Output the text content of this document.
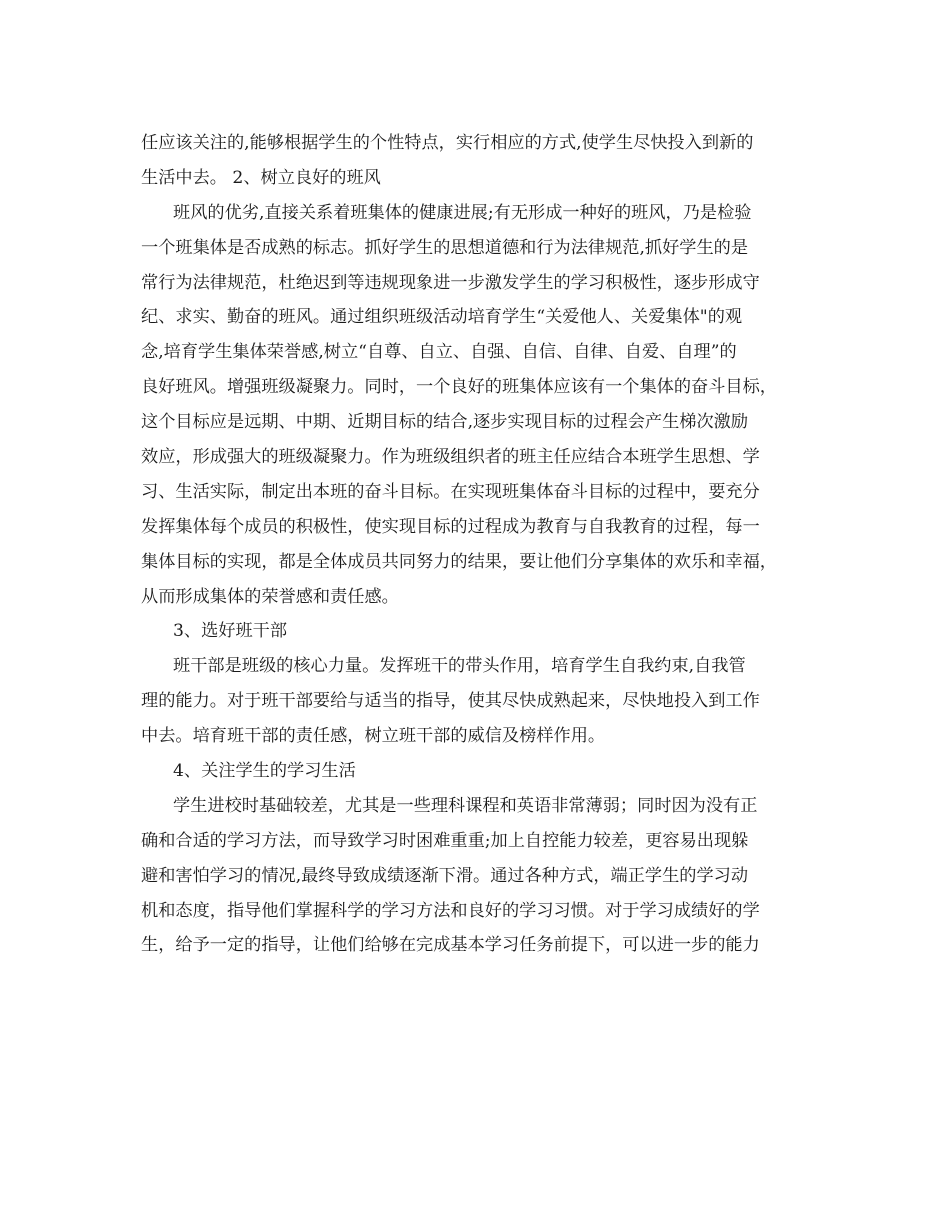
任应该关注的,能够根据学生的个性特点，实行相应的方式,使学生尽快投入到新的
生活中去。 2、树立良好的班风
班风的优劣,直接关系着班集体的健康进展;有无形成一种好的班风，乃是检验
一个班集体是否成熟的标志。抓好学生的思想道德和行为法律规范,抓好学生的是
常行为法律规范，杜绝迟到等违规现象进一步激发学生的学习积极性，逐步形成守
纪、求实、勤奋的班风。通过组织班级活动培育学生“关爱他人、关爱集体"的观
念,培育学生集体荣誉感,树立“自尊、自立、自强、自信、自律、自爱、自理”的
良好班风。增强班级凝聚力。同时，一个良好的班集体应该有一个集体的奋斗目标，
这个目标应是远期、中期、近期目标的结合,逐步实现目标的过程会产生梯次激励
效应，形成强大的班级凝聚力。作为班级组织者的班主任应结合本班学生思想、学
习、生活实际，制定出本班的奋斗目标。在实现班集体奋斗目标的过程中，要充分
发挥集体每个成员的积极性，使实现目标的过程成为教育与自我教育的过程，每一
集体目标的实现，都是全体成员共同努力的结果，要让他们分享集体的欢乐和幸福，
从而形成集体的荣誉感和责任感。
3、选好班干部
班干部是班级的核心力量。发挥班干的带头作用，培育学生自我约束,自我管
理的能力。对于班干部要给与适当的指导，使其尽快成熟起来，尽快地投入到工作
中去。培育班干部的责任感，树立班干部的威信及榜样作用。
4、关注学生的学习生活
学生进校时基础较差，尤其是一些理科课程和英语非常薄弱；同时因为没有正
确和合适的学习方法，而导致学习时困难重重;加上自控能力较差，更容易出现躲
避和害怕学习的情况,最终导致成绩逐渐下滑。通过各种方式，端正学生的学习动
机和态度，指导他们掌握科学的学习方法和良好的学习习惯。对于学习成绩好的学
生，给予一定的指导，让他们给够在完成基本学习任务前提下，可以进一步的能力
